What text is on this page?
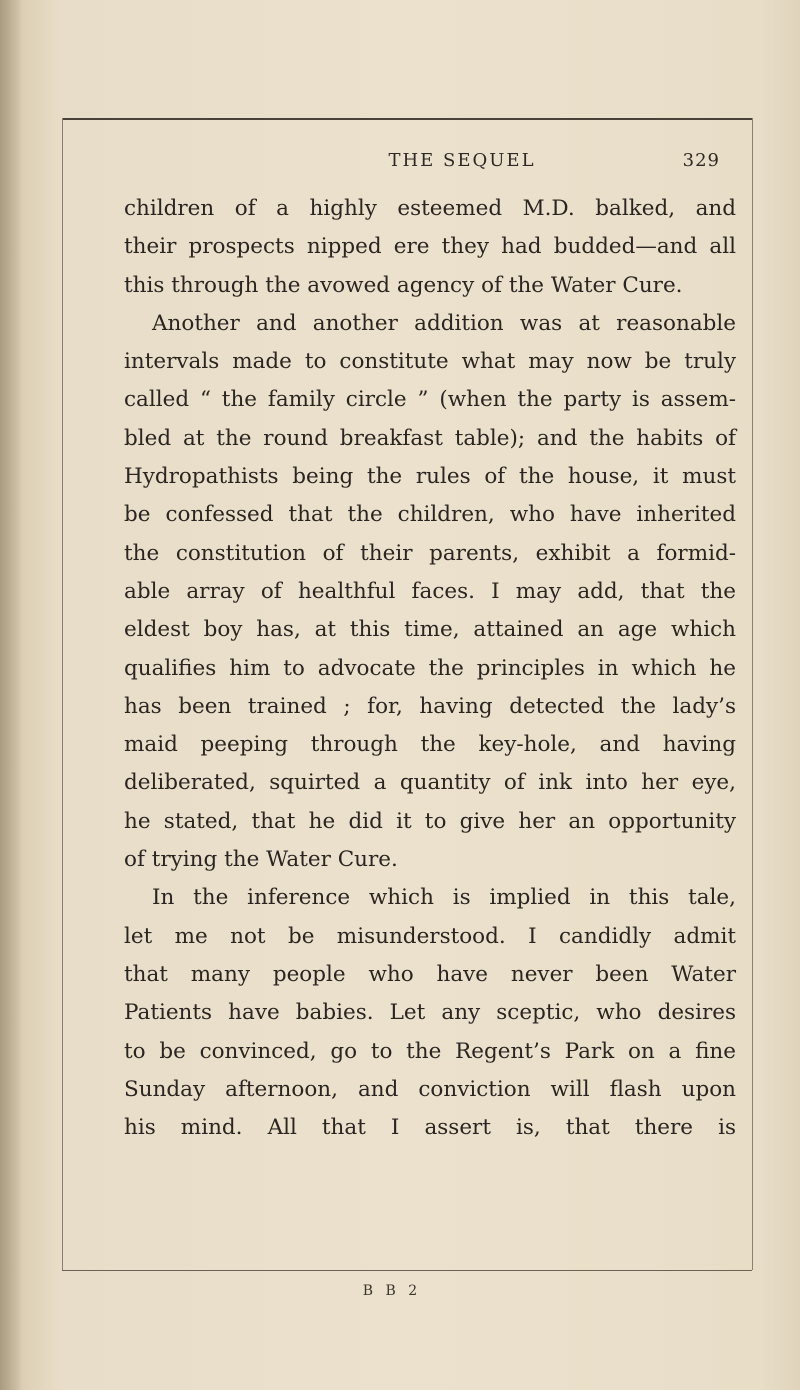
THE SEQUEL	329
children of a highly esteemed M.D. balked, and
their prospects nipped ere they had budded—and all
this through the avowed agency of the Water Cure.
Another and another addition was at reasonable
intervals made to constitute what may now be truly
called “ the family circle ” (when the party is assem-
bled at the round breakfast table); and the habits of
Hydropathists being the rules of the house, it must
be confessed that the children, who have inherited
the constitution of their parents, exhibit a formid-
able array of healthful faces. I may add, that the
eldest boy has, at this time, attained an age which
qualifies him to advocate the principles in which he
has been trained ; for, having detected the lady’s
maid peeping through the key-hole, and having
deliberated, squirted a quantity of ink into her eye,
he stated, that he did it to give her an opportunity
of trying the Water Cure.
In the inference which is implied in this tale,
let me not be misunderstood. I candidly admit
that many people who have never been Water
Patients have babies. Let any sceptic, who desires
to be convinced, go to the Regent’s Park on a fine
Sunday afternoon, and conviction will flash upon
his mind. All that I assert is, that there is
B B 2
